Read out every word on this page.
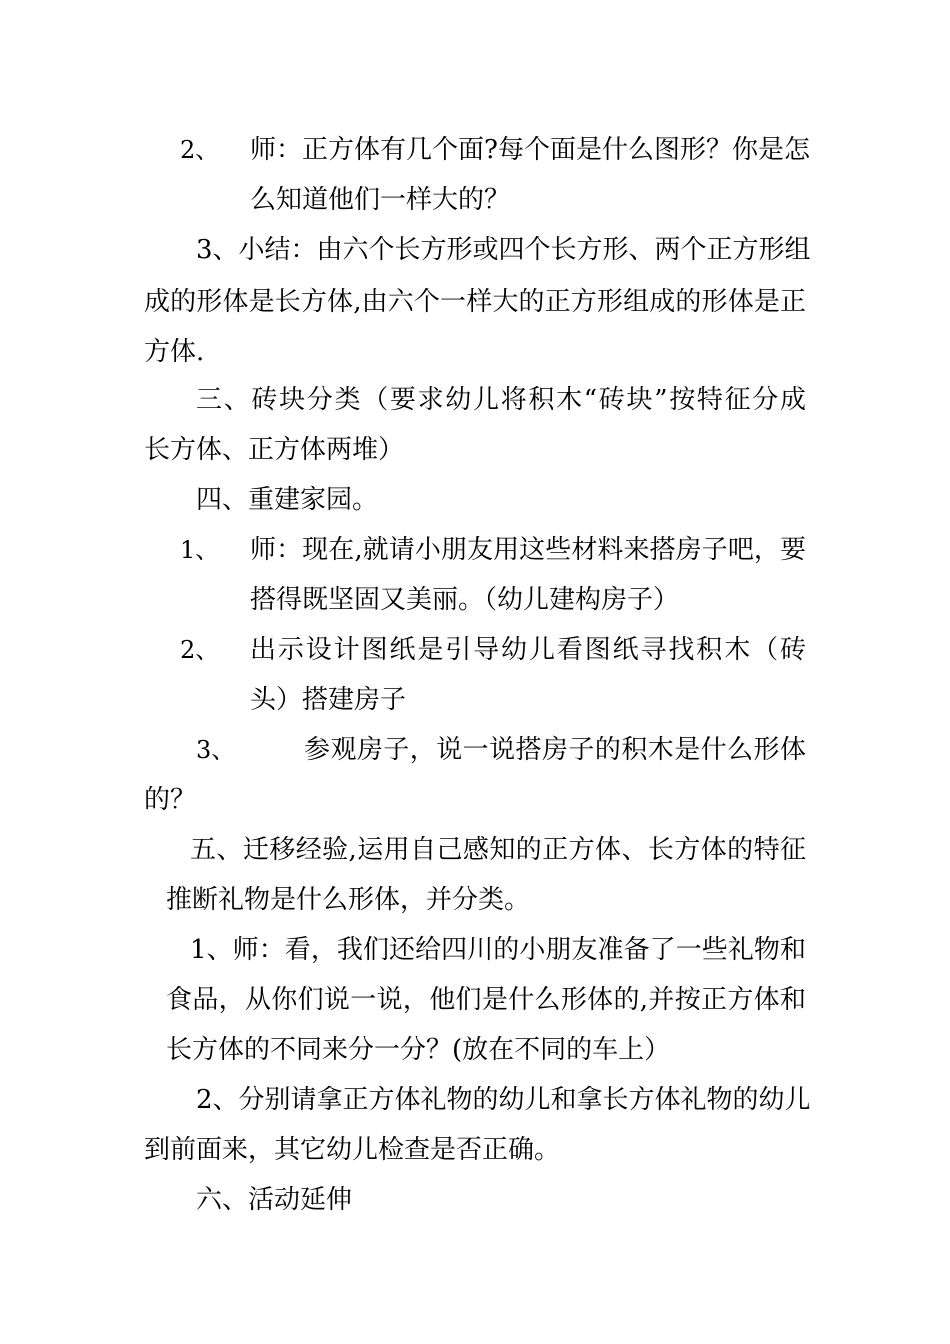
2、 师：正方体有几个面?每个面是什么图形？你是怎
么知道他们一样大的？
3、小结：由六个长方形或四个长方形、两个正方形组
成的形体是长方体,由六个一样大的正方形组成的形体是正
方体.
三、砖块分类（要求幼儿将积木“砖块”按特征分成
长方体、正方体两堆）
四、重建家园。
1、 师：现在,就请小朋友用这些材料来搭房子吧，要
搭得既坚固又美丽。（幼儿建构房子）
2、 出示设计图纸是引导幼儿看图纸寻找积木（砖
头）搭建房子
3、	参观房子，说一说搭房子的积木是什么形体
的？
五、迁移经验,运用自己感知的正方体、长方体的特征
推断礼物是什么形体，并分类。
1、师：看，我们还给四川的小朋友准备了一些礼物和
食品，从你们说一说，他们是什么形体的,并按正方体和
长方体的不同来分一分？(放在不同的车上）
2、分别请拿正方体礼物的幼儿和拿长方体礼物的幼儿
到前面来，其它幼儿检查是否正确。
六、活动延伸
